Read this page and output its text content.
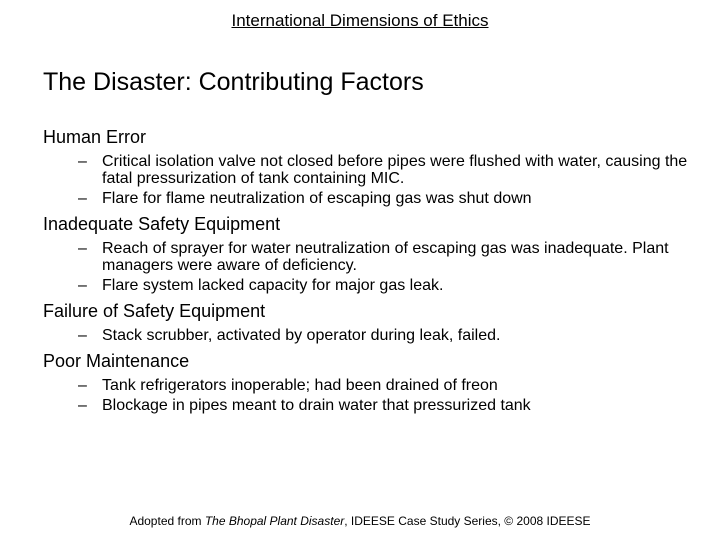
International Dimensions of Ethics
The Disaster: Contributing Factors
Human Error
– Critical isolation valve not closed before pipes were flushed with water, causing the fatal pressurization of tank containing MIC.
– Flare for flame neutralization of escaping gas was shut down
Inadequate Safety Equipment
– Reach of sprayer for water neutralization of escaping gas was inadequate. Plant managers were aware of deficiency.
– Flare system lacked capacity for major gas leak.
Failure of Safety Equipment
– Stack scrubber, activated by operator during leak, failed.
Poor Maintenance
– Tank refrigerators inoperable; had been drained of freon
– Blockage in pipes meant to drain water that pressurized tank
Adopted from The Bhopal Plant Disaster, IDEESE Case Study Series, © 2008 IDEESE
